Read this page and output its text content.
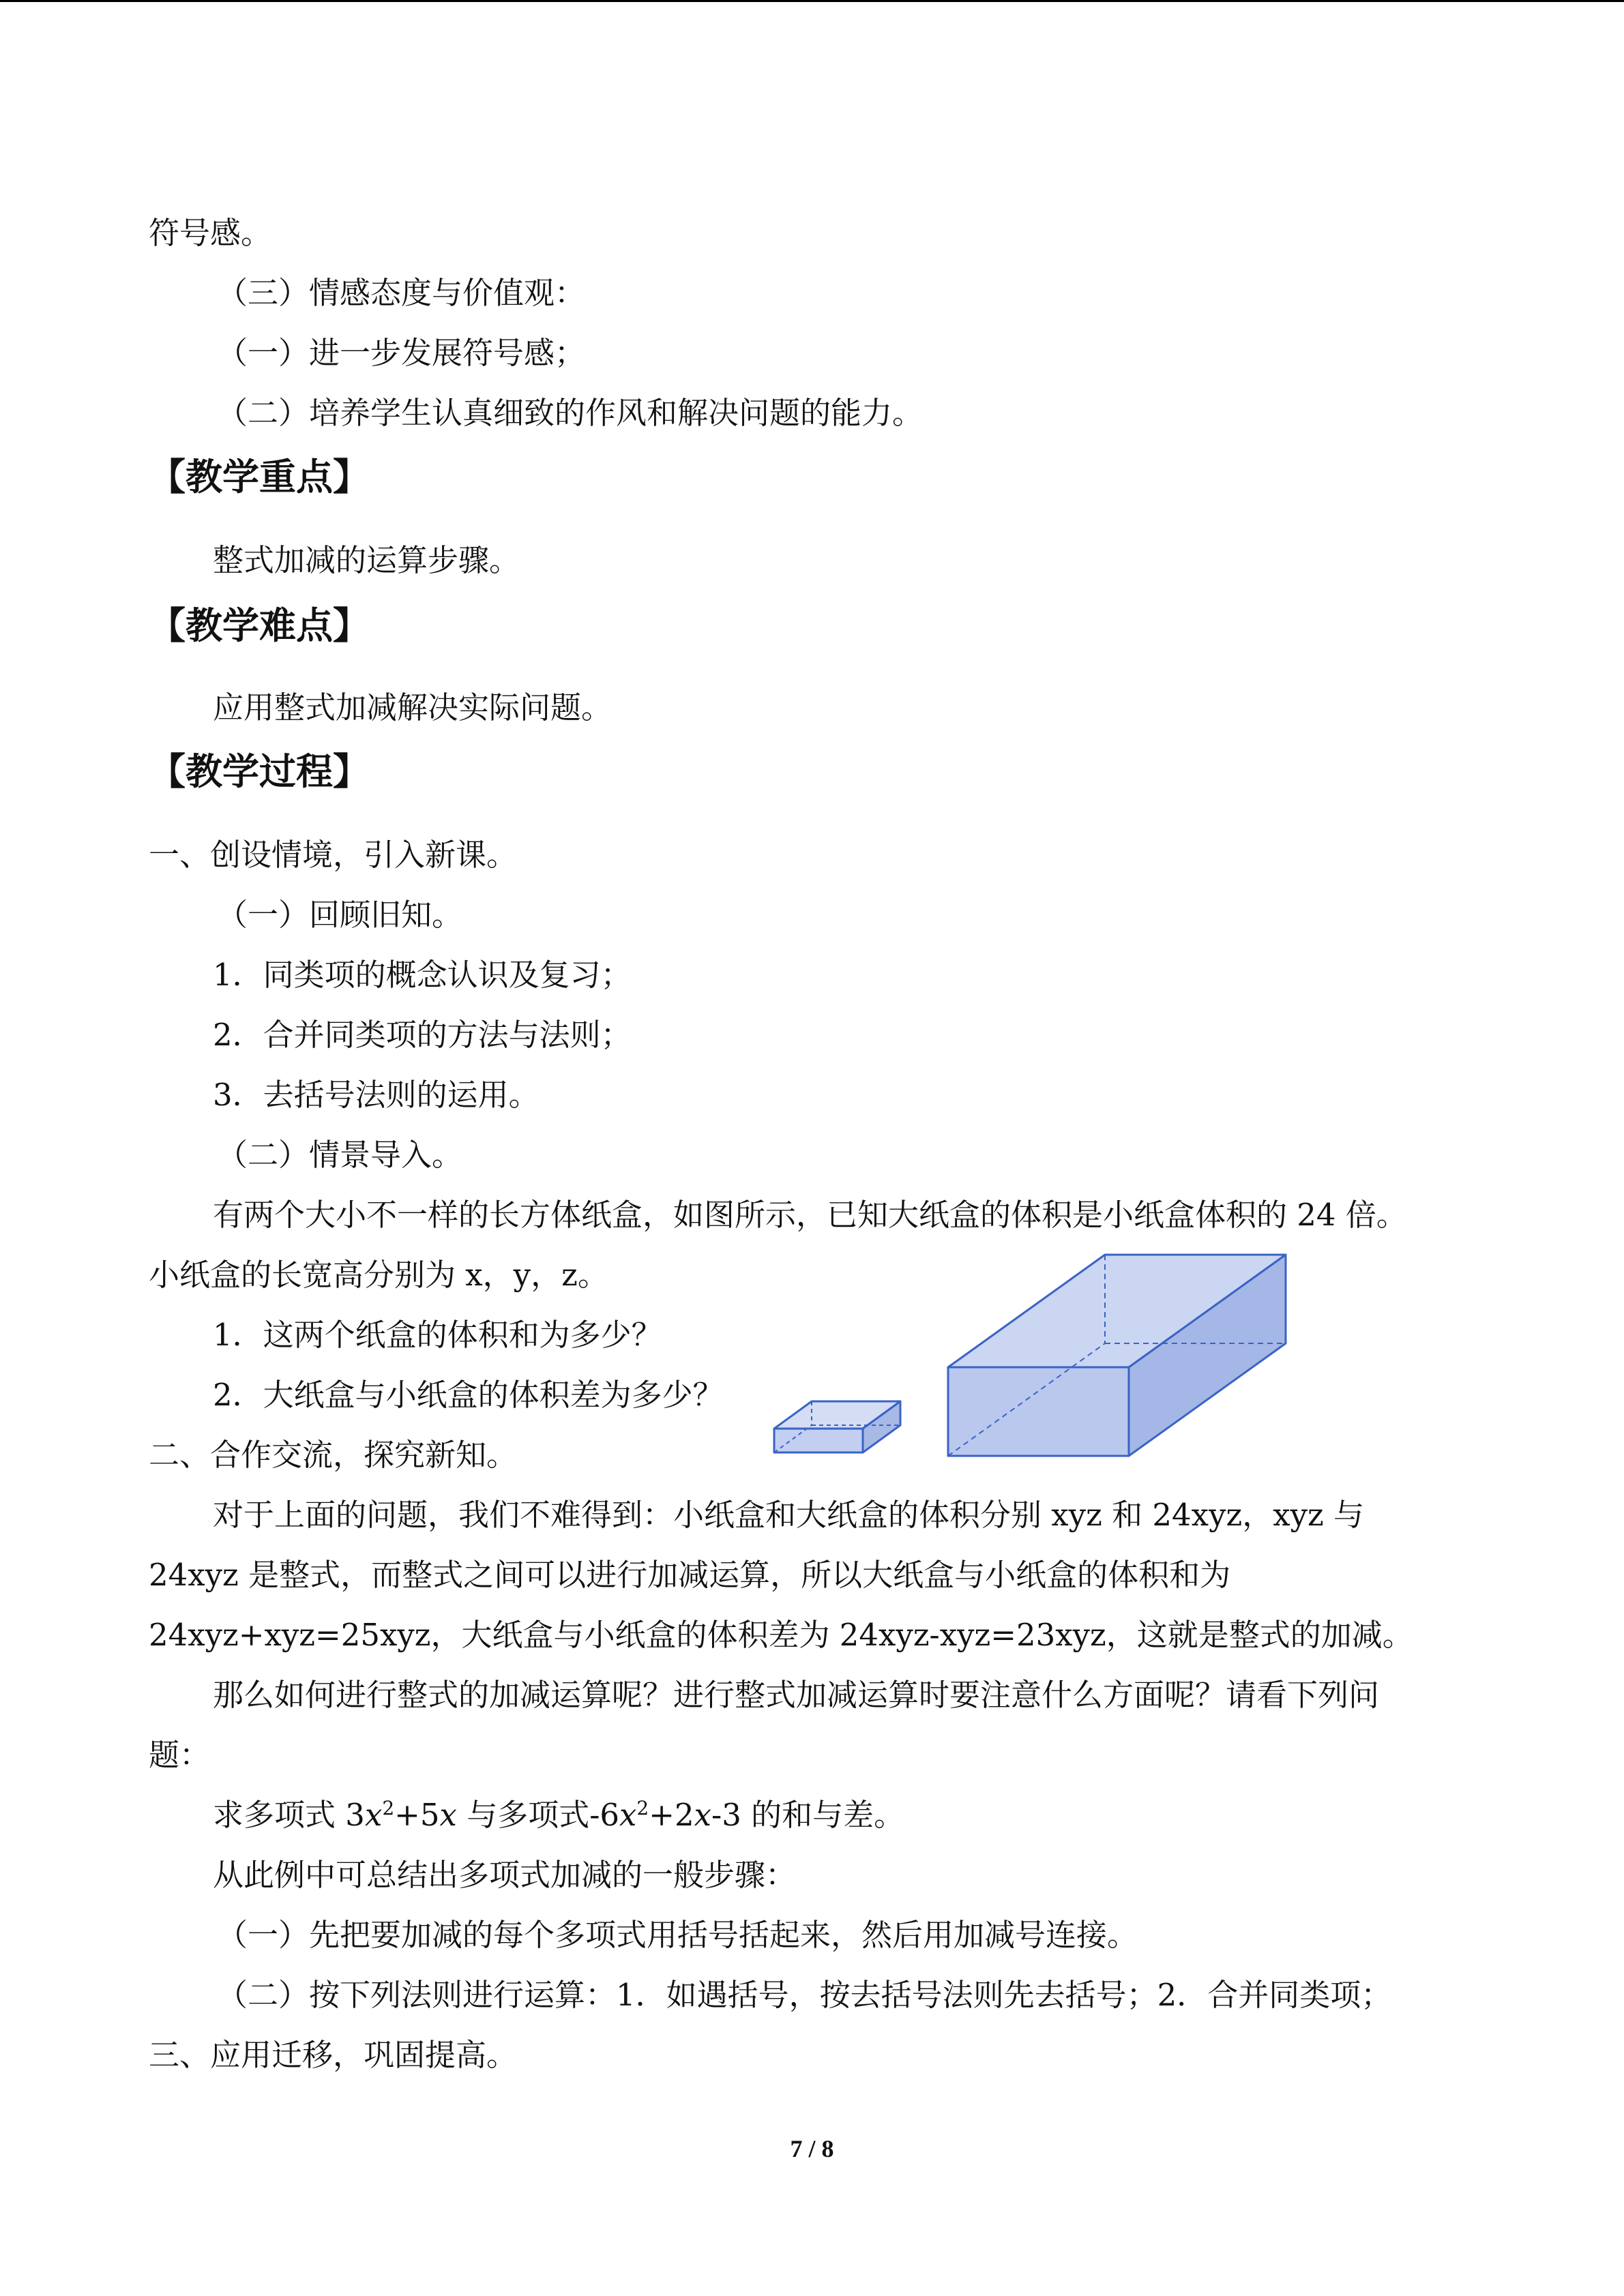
符号感。
（三）情感态度与价值观：
（一）进一步发展符号感；
（二）培养学生认真细致的作风和解决问题的能力。
【教学重点】
整式加减的运算步骤。
【教学难点】
应用整式加减解决实际问题。
【教学过程】
一、创设情境，引入新课。
（一）回顾旧知。
1．同类项的概念认识及复习；
2．合并同类项的方法与法则；
3．去括号法则的运用。
（二）情景导入。
有两个大小不一样的长方体纸盒，如图所示，已知大纸盒的体积是小纸盒体积的 24 倍。
小纸盒的长宽高分别为 x，y，z。
1．这两个纸盒的体积和为多少？
2．大纸盒与小纸盒的体积差为多少？
二、合作交流，探究新知。
对于上面的问题，我们不难得到：小纸盒和大纸盒的体积分别 xyz 和 24xyz，xyz 与
24xyz 是整式，而整式之间可以进行加减运算，所以大纸盒与小纸盒的体积和为
24xyz+xyz=25xyz，大纸盒与小纸盒的体积差为 24xyz-xyz=23xyz，这就是整式的加减。
那么如何进行整式的加减运算呢？进行整式加减运算时要注意什么方面呢？请看下列问
题：
求多项式 $3x^2+5x$ 与多项式$-6x^2+2x-3$ 的和与差。
从此例中可总结出多项式加减的一般步骤：
（一）先把要加减的每个多项式用括号括起来，然后用加减号连接。
（二）按下列法则进行运算：1．如遇括号，按去括号法则先去括号；2．合并同类项；
三、应用迁移，巩固提高。
7 / 8
